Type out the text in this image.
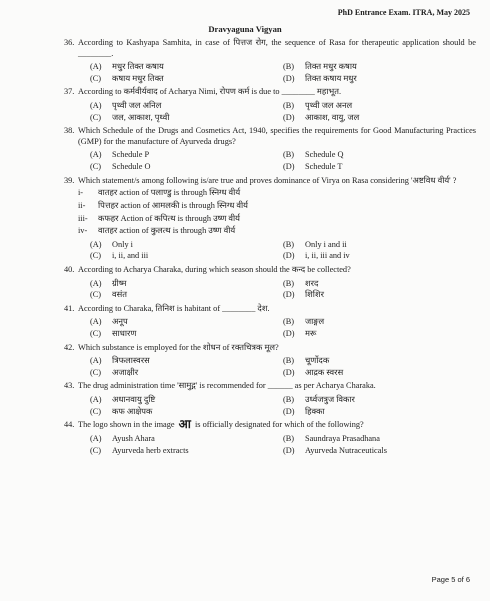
PhD Entrance Exam. ITRA, May 2025
Dravyaguna Vigyan
36. According to Kashyapa Samhita, in case of पित्तज रोग, the sequence of Rasa for therapeutic application should be ________.
(A)	मधुर तिक्त कषाय	(B)	तिक्त मधुर कषाय
(C)	कषाय मधुर तिक्त	(D)	तिक्त कषाय मधुर
37. According to कर्मवीर्यवाद of Acharya Nimi, रोपण कर्म is due to ________ महाभूत.
(A)	पृथ्वी जल अनिल	(B)	पृथ्वी जल अनल
(C)	जल, आकाश, पृथ्वी	(D)	आकाश, वायु, जल
38. Which Schedule of the Drugs and Cosmetics Act, 1940, specifies the requirements for Good Manufacturing Practices (GMP) for the manufacture of Ayurveda drugs?
(A)	Schedule P	(B)	Schedule Q
(C)	Schedule O	(D)	Schedule T
39. Which statement/s among following is/are true and proves dominance of Virya on Rasa considering 'अष्टविध वीर्य' ?
i-	वातहर action of पलाण्डु is through स्निग्ध वीर्य
ii-	पित्तहर action of आमलकी is through स्निग्ध वीर्य
iii-	कफहर Action of कपित्थ is through उष्ण वीर्य
iv-	वातहर action of कुलत्थ is through उष्ण वीर्य
(A)	Only i	(B)	Only i and ii
(C)	i, ii, and iii	(D)	i, ii, iii and iv
40. According to Acharya Charaka, during which season should the कन्द be collected?
(A)	ग्रीष्म	(B)	शरद
(C)	वसंत	(D)	शिशिर
41. According to Charaka, तिनिश is habitant of ________ देश.
(A)	अनूप	(B)	जाङ्गल
(C)	साधारण	(D)	मरू
42. Which substance is employed for the शोधन of रक्तचित्रक मूल?
(A)	त्रिफलास्वरस	(B)	चूर्णोदक
(C)	अजाक्षीर	(D)	आद्रक स्वरस
43. The drug administration time 'सामुद्ग' is recommended for ______ as per Acharya Charaka.
(A)	अधानवायु दुष्टि	(B)	उर्ध्वजत्रुज विकार
(C)	कफ आक्षेपक	(D)	हिक्का
44. The logo shown in the image आ is officially designated for which of the following?
(A)	Ayush Ahara	(B)	Saundraya Prasadhana
(C)	Ayurveda herb extracts	(D)	Ayurveda Nutraceuticals
Page 5 of 6
